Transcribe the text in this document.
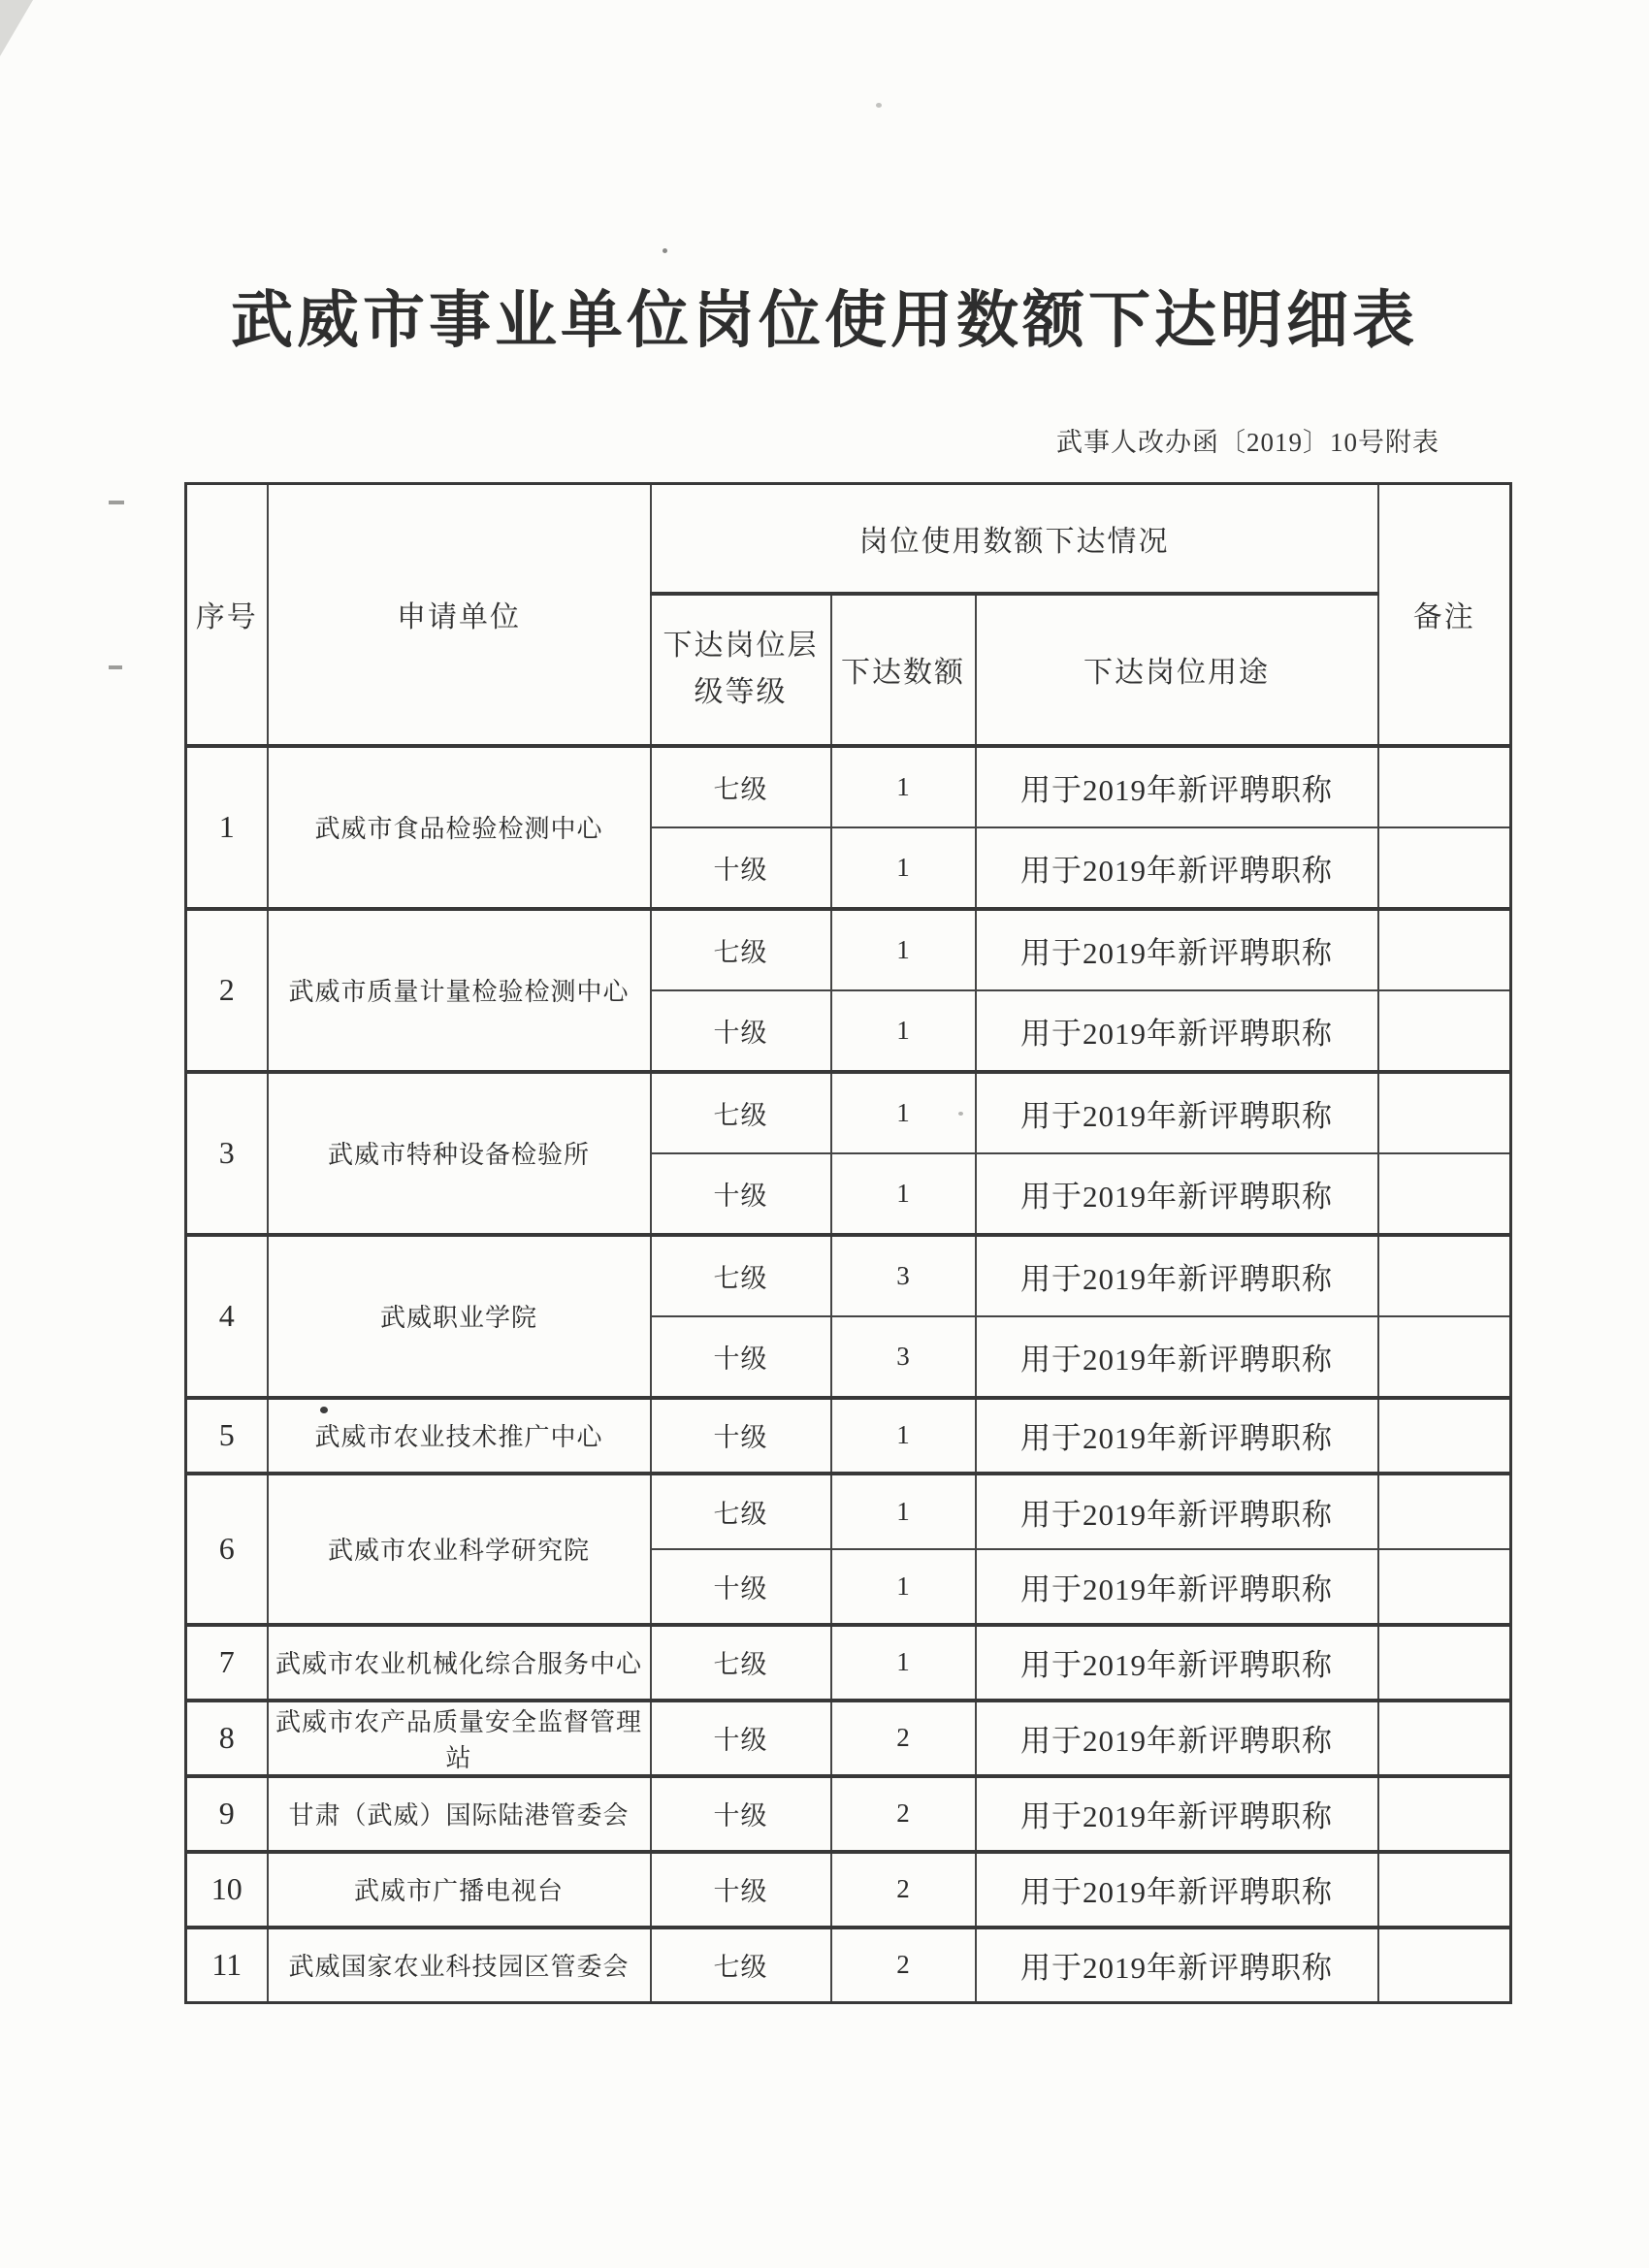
武威市事业单位岗位使用数额下达明细表
武事人改办函〔2019〕10号附表
序号	申请单位	岗位使用数额下达情况			备注
		下达岗位层级等级	下达数额	下达岗位用途	
1	武威市食品检验检测中心	七级	1	用于2019年新评聘职称	
		十级	1	用于2019年新评聘职称	
2	武威市质量计量检验检测中心	七级	1	用于2019年新评聘职称	
		十级	1	用于2019年新评聘职称	
3	武威市特种设备检验所	七级	1	用于2019年新评聘职称	
		十级	1	用于2019年新评聘职称	
4	武威职业学院	七级	3	用于2019年新评聘职称	
		十级	3	用于2019年新评聘职称	
5	武威市农业技术推广中心	十级	1	用于2019年新评聘职称	
6	武威市农业科学研究院	七级	1	用于2019年新评聘职称	
		十级	1	用于2019年新评聘职称	
7	武威市农业机械化综合服务中心	七级	1	用于2019年新评聘职称	
8	武威市农产品质量安全监督管理站	十级	2	用于2019年新评聘职称	
9	甘肃（武威）国际陆港管委会	十级	2	用于2019年新评聘职称	
10	武威市广播电视台	十级	2	用于2019年新评聘职称	
11	武威国家农业科技园区管委会	七级	2	用于2019年新评聘职称	
